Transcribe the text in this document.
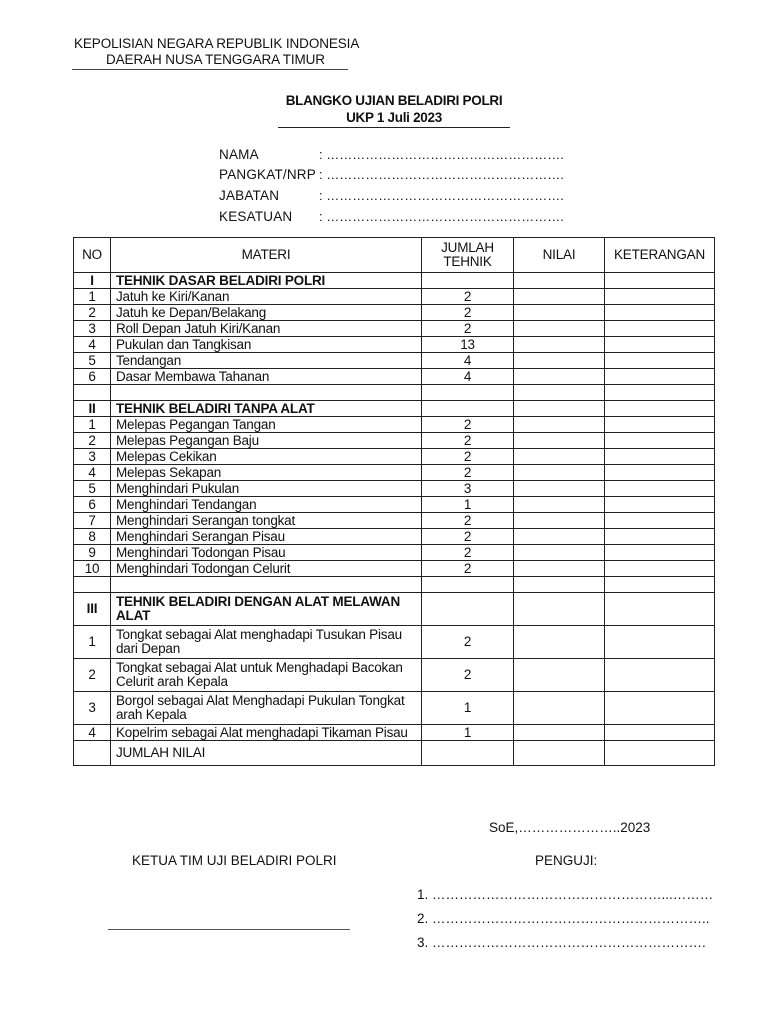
KEPOLISIAN NEGARA REPUBLIK INDONESIA
DAERAH NUSA TENGGARA TIMUR
BLANGKO UJIAN BELADIRI POLRI
UKP 1 Juli 2023
NAMA	: ……………………………………………….
PANGKAT/NRP : ……………………………………………….
JABATAN	: ……………………………………………….
KESATUAN : ……………………………………………….
NO	MATERI	JUMLAH TEHNIK	NILAI	KETERANGAN
I	TEHNIK DASAR BELADIRI POLRI			
1	Jatuh ke Kiri/Kanan	2		
2	Jatuh ke Depan/Belakang	2		
3	Roll Depan Jatuh Kiri/Kanan	2		
4	Pukulan dan Tangkisan	13		
5	Tendangan	4		
6	Dasar Membawa Tahanan	4		

II	TEHNIK BELADIRI TANPA ALAT			
1	Melepas Pegangan Tangan	2		
2	Melepas Pegangan Baju	2		
3	Melepas Cekikan	2		
4	Melepas Sekapan	2		
5	Menghindari Pukulan	3		
6	Menghindari Tendangan	1		
7	Menghindari Serangan tongkat	2		
8	Menghindari Serangan Pisau	2		
9	Menghindari Todongan Pisau	2		
10	Menghindari Todongan Celurit	2		

III	TEHNIK BELADIRI DENGAN ALAT MELAWAN ALAT			
1	Tongkat sebagai Alat menghadapi Tusukan Pisau dari Depan	2		
2	Tongkat sebagai Alat untuk Menghadapi Bacokan Celurit arah Kepala	2		
3	Borgol sebagai Alat Menghadapi Pukulan Tongkat arah Kepala	1		
4	Kopelrim sebagai Alat menghadapi Tikaman Pisau	1		
	JUMLAH NILAI			
SoE,…………………..2023
KETUA TIM UJI BELADIRI POLRI	PENGUJI:
1. ……………………………………………...………
2. ……………………………………………………..
3. …………………………………………………….
